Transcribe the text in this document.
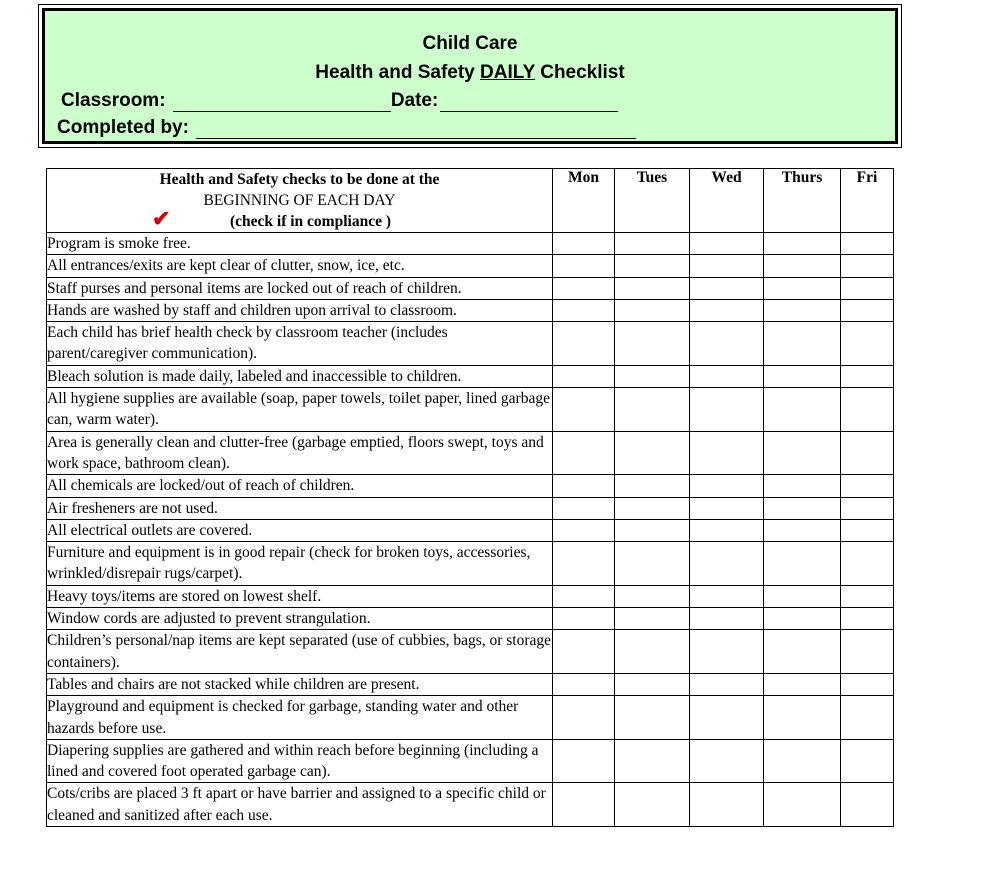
Child Care
Health and Safety DAILY Checklist
Classroom:	Date:
Completed by:
Health and Safety checks to be done at the
BEGINNING OF EACH DAY
(check if in compliance )
✔	Mon	Tues	Wed	Thurs	Fri
Program is smoke free.					
All entrances/exits are kept clear of clutter, snow, ice, etc.					
Staff purses and personal items are locked out of reach of children.					
Hands are washed by staff and children upon arrival to classroom.					
Each child has brief health check by classroom teacher (includes parent/caregiver communication).					
Bleach solution is made daily, labeled and inaccessible to children.					
All hygiene supplies are available (soap, paper towels, toilet paper, lined garbage can, warm water).					
Area is generally clean and clutter-free (garbage emptied, floors swept, toys and work space, bathroom clean).					
All chemicals are locked/out of reach of children.					
Air fresheners are not used.					
All electrical outlets are covered.					
Furniture and equipment is in good repair (check for broken toys, accessories, wrinkled/disrepair rugs/carpet).					
Heavy toys/items are stored on lowest shelf.					
Window cords are adjusted to prevent strangulation.					
Children’s personal/nap items are kept separated (use of cubbies, bags, or storage containers).					
Tables and chairs are not stacked while children are present.					
Playground and equipment is checked for garbage, standing water and other hazards before use.					
Diapering supplies are gathered and within reach before beginning (including a lined and covered foot operated garbage can).					
Cots/cribs are placed 3 ft apart or have barrier and assigned to a specific child or cleaned and sanitized after each use.					
